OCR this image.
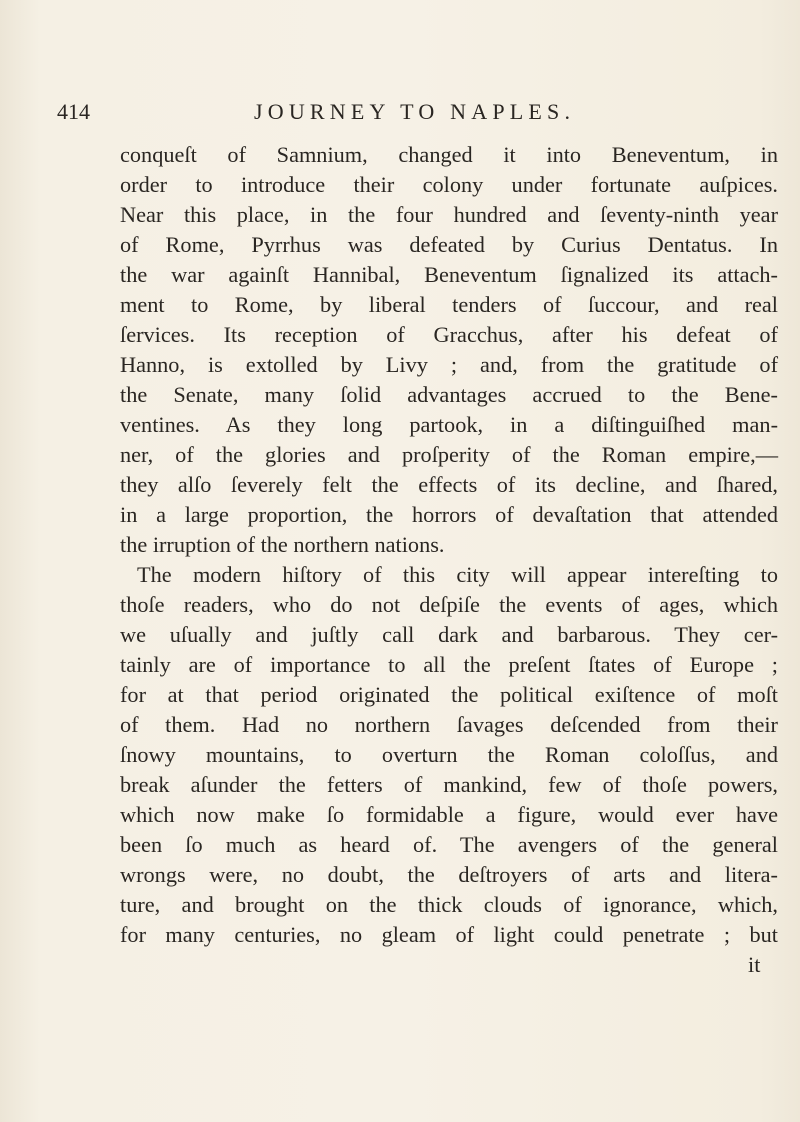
414	JOURNEY TO NAPLES.
conqueſt of Samnium, changed it into Beneventum, in
order to introduce their colony under fortunate auſpices.
Near this place, in the four hundred and ſeventy-ninth year
of Rome, Pyrrhus was defeated by Curius Dentatus. In
the war againſt Hannibal, Beneventum ſignalized its attach-
ment to Rome, by liberal tenders of ſuccour, and real
ſervices. Its reception of Gracchus, after his defeat of
Hanno, is extolled by Livy ; and, from the gratitude of
the Senate, many ſolid advantages accrued to the Bene-
ventines. As they long partook, in a diſtinguiſhed man-
ner, of the glories and proſperity of the Roman empire,—
they alſo ſeverely felt the effects of its decline, and ſhared,
in a large proportion, the horrors of devaſtation that attended
the irruption of the northern nations.
The modern hiſtory of this city will appear intereſting to
thoſe readers, who do not deſpiſe the events of ages, which
we uſually and juſtly call dark and barbarous. They cer-
tainly are of importance to all the preſent ſtates of Europe ;
for at that period originated the political exiſtence of moſt
of them. Had no northern ſavages deſcended from their
ſnowy mountains, to overturn the Roman coloſſus, and
break aſunder the fetters of mankind, few of thoſe powers,
which now make ſo formidable a figure, would ever have
been ſo much as heard of. The avengers of the general
wrongs were, no doubt, the deſtroyers of arts and litera-
ture, and brought on the thick clouds of ignorance, which,
for many centuries, no gleam of light could penetrate ; but
it
